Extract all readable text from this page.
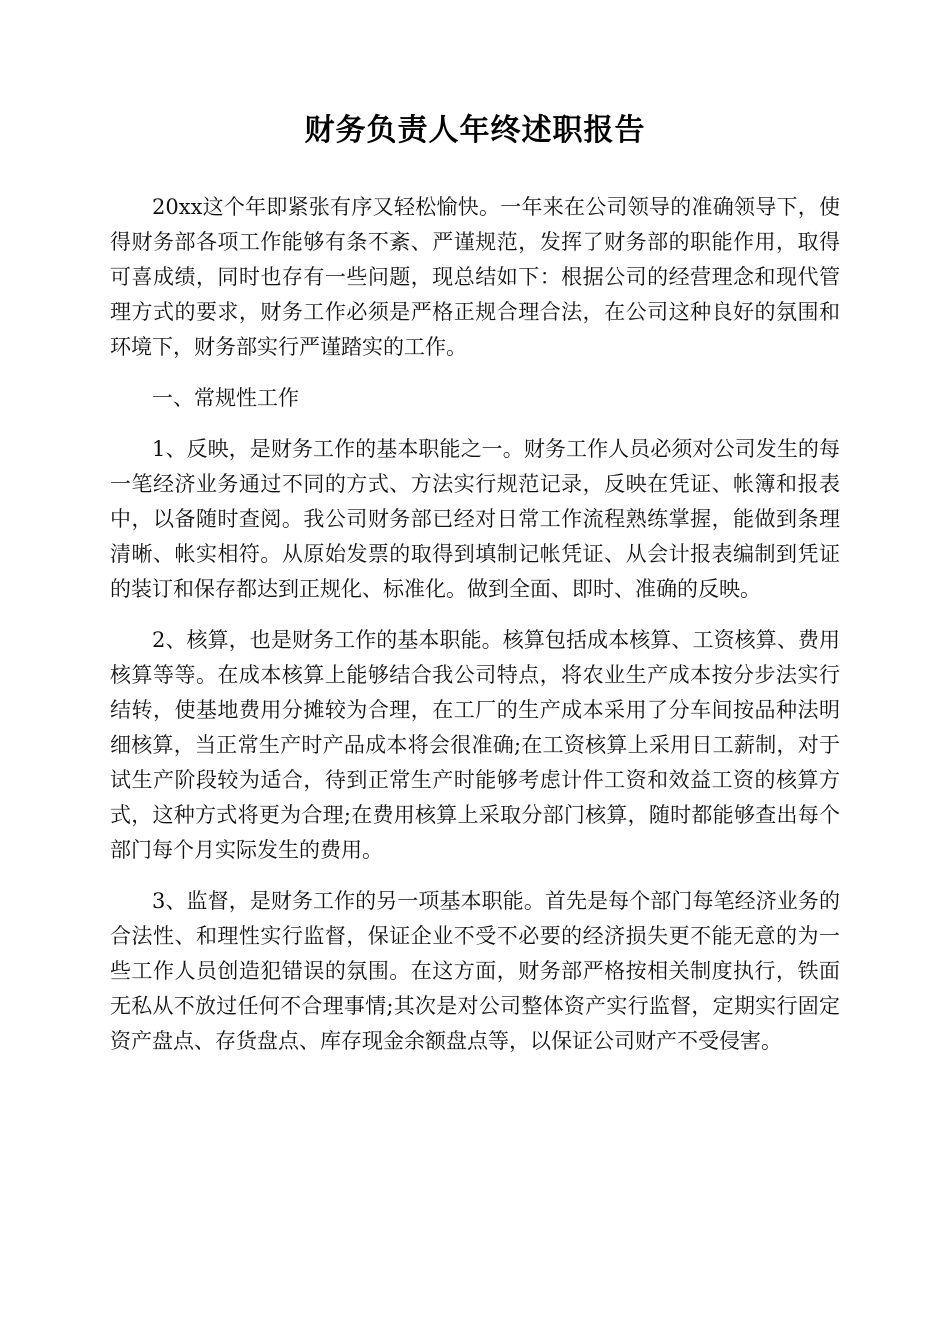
财务负责人年终述职报告

20xx这个年即紧张有序又轻松愉快。一年来在公司领导的准确领导下，使得财务部各项工作能够有条不紊、严谨规范，发挥了财务部的职能作用，取得可喜成绩，同时也存有一些问题，现总结如下：根据公司的经营理念和现代管理方式的要求，财务工作必须是严格正规合理合法，在公司这种良好的氛围和环境下，财务部实行严谨踏实的工作。

一、常规性工作

1、反映，是财务工作的基本职能之一。财务工作人员必须对公司发生的每一笔经济业务通过不同的方式、方法实行规范记录，反映在凭证、帐簿和报表中，以备随时查阅。我公司财务部已经对日常工作流程熟练掌握，能做到条理清晰、帐实相符。从原始发票的取得到填制记帐凭证、从会计报表编制到凭证的装订和保存都达到正规化、标准化。做到全面、即时、准确的反映。

2、核算，也是财务工作的基本职能。核算包括成本核算、工资核算、费用核算等等。在成本核算上能够结合我公司特点，将农业生产成本按分步法实行结转，使基地费用分摊较为合理，在工厂的生产成本采用了分车间按品种法明细核算，当正常生产时产品成本将会很准确;在工资核算上采用日工薪制，对于试生产阶段较为适合，待到正常生产时能够考虑计件工资和效益工资的核算方式，这种方式将更为合理;在费用核算上采取分部门核算，随时都能够查出每个部门每个月实际发生的费用。

3、监督，是财务工作的另一项基本职能。首先是每个部门每笔经济业务的合法性、和理性实行监督，保证企业不受不必要的经济损失更不能无意的为一些工作人员创造犯错误的氛围。在这方面，财务部严格按相关制度执行，铁面无私从不放过任何不合理事情;其次是对公司整体资产实行监督，定期实行固定资产盘点、存货盘点、库存现金余额盘点等，以保证公司财产不受侵害。
